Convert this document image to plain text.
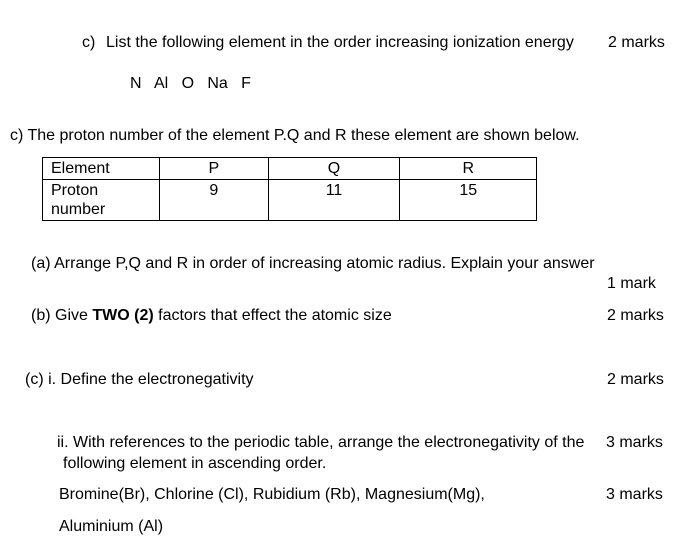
c) List the following element in the order increasing ionization energy 2 marks
N   Al   O   Na   F
c) The proton number of the element P.Q and R these element are shown below.
Element	P	Q	R

Proton
number	9	11	15
(a) Arrange P,Q and R in order of increasing atomic radius. Explain your answer
1 mark
(b) Give TWO (2) factors that effect the atomic size	2 marks
(c) i. Define the electronegativity	2 marks
ii. With references to the periodic table, arrange the electronegativity of the 3 marks
following element in ascending order.
Bromine(Br), Chlorine (Cl), Rubidium (Rb), Magnesium(Mg),	3 marks
Aluminium (Al)
